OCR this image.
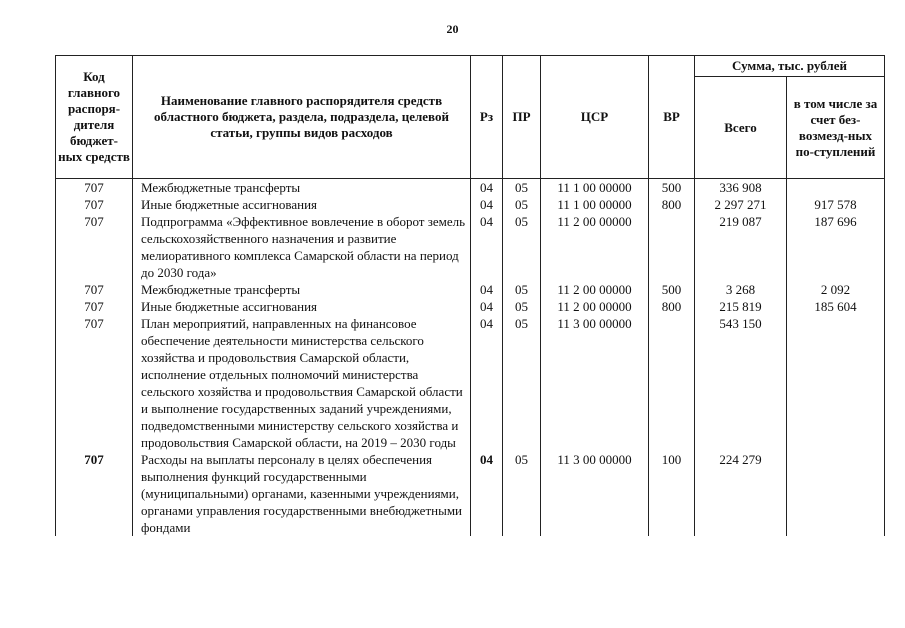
20
Код главного распоря-дителя бюджет-ных средств	Наименование главного распорядителя средств областного бюджета, раздела, подраздела, целевой статьи, группы видов расходов	Рз	ПР	ЦСР	ВР	Сумма, тыс. рублей	
						Всего	в том числе за счет без-возмезд-ных по-ступлений
707	Межбюджетные трансферты	04	05	11 1 00 00000	500	336 908	
707	Иные бюджетные ассигнования	04	05	11 1 00 00000	800	2 297 271	917 578
707	Подпрограмма «Эффективное вовлечение в оборот земель сельскохозяйственного назначения и развитие мелиоративного комплекса Самарской области на период до 2030 года»	04	05	11 2 00 00000		219 087	187 696
707	Межбюджетные трансферты	04	05	11 2 00 00000	500	3 268	2 092
707	Иные бюджетные ассигнования	04	05	11 2 00 00000	800	215 819	185 604
707	План мероприятий, направленных на финансовое обеспечение деятельности министерства сельского хозяйства и продовольствия Самарской области, исполнение отдельных полномочий министерства сельского хозяйства и продовольствия Самарской области и выполнение государственных заданий учреждениями, подведомственными министерству сельского хозяйства и продовольствия Самарской области, на 2019 – 2030 годы	04	05	11 3 00 00000		543 150	
707	Расходы на выплаты персоналу в целях обеспечения выполнения функций государственными (муниципальными) органами, казенными учреждениями, органами управления государственными внебюджетными фондами	04	05	11 3 00 00000	100	224 279	
